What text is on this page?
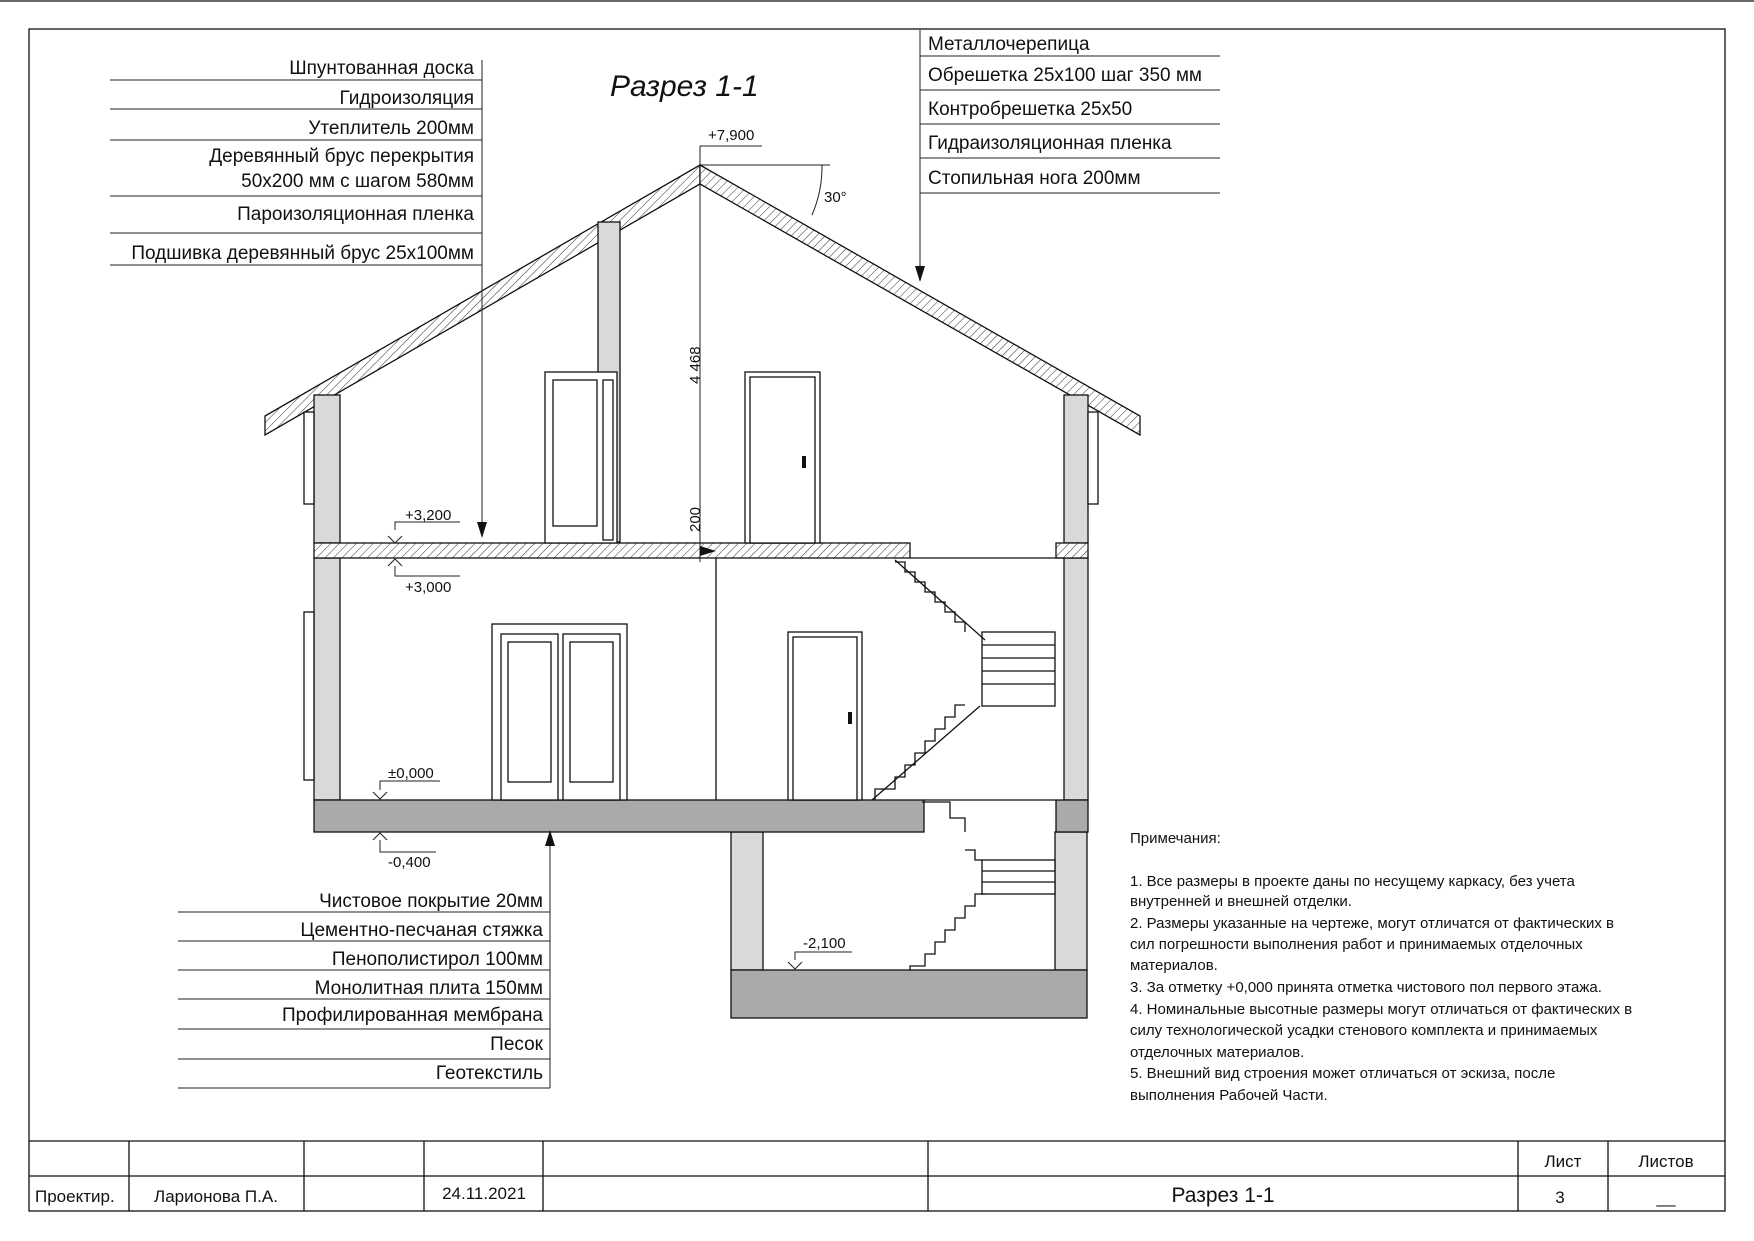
Разрез 1-1
30°
+7,900
4 468
200
+3,200
+3,000
±0,000
-0,400
-2,100
Металлочерепица
Обрешетка 25х100 шаг 350 мм
Контробрешетка 25х50
Гидраизоляционная пленка
Стопильная нога 200мм
Шпунтованная доска
Гидроизоляция
Утеплитель 200мм
Деревянный брус перекрытия
50х200 мм с шагом 580мм
Пароизоляционная пленка
Подшивка деревянный брус 25х100мм
Чистовое покрытие 20мм
Цементно-песчаная стяжка
Пенополистирол 100мм
Монолитная плита 150мм
Профилированная мембрана
Песок
Геотекстиль
Примечания:
1. Все размеры в проекте даны по несущему каркасу, без учета
внутренней и внешней отделки.
2. Размеры указанные на чертеже, могут отличатся от фактических в
сил погрешности выполнения работ и принимаемых отделочных
материалов.
3. За отметку +0,000 принята отметка чистового пол первого этажа.
4. Номинальные высотные размеры могут отличаться от фактических в
силу технологической усадки стенового комплекта и принимаемых
отделочных материалов.
5. Внешний вид строения может отличаться от эскиза, после
выполнения Рабочей Части.
Проектир. Ларионова П.А.	24.11.2021	Разрез 1-1
Лист	Листов
3	__
